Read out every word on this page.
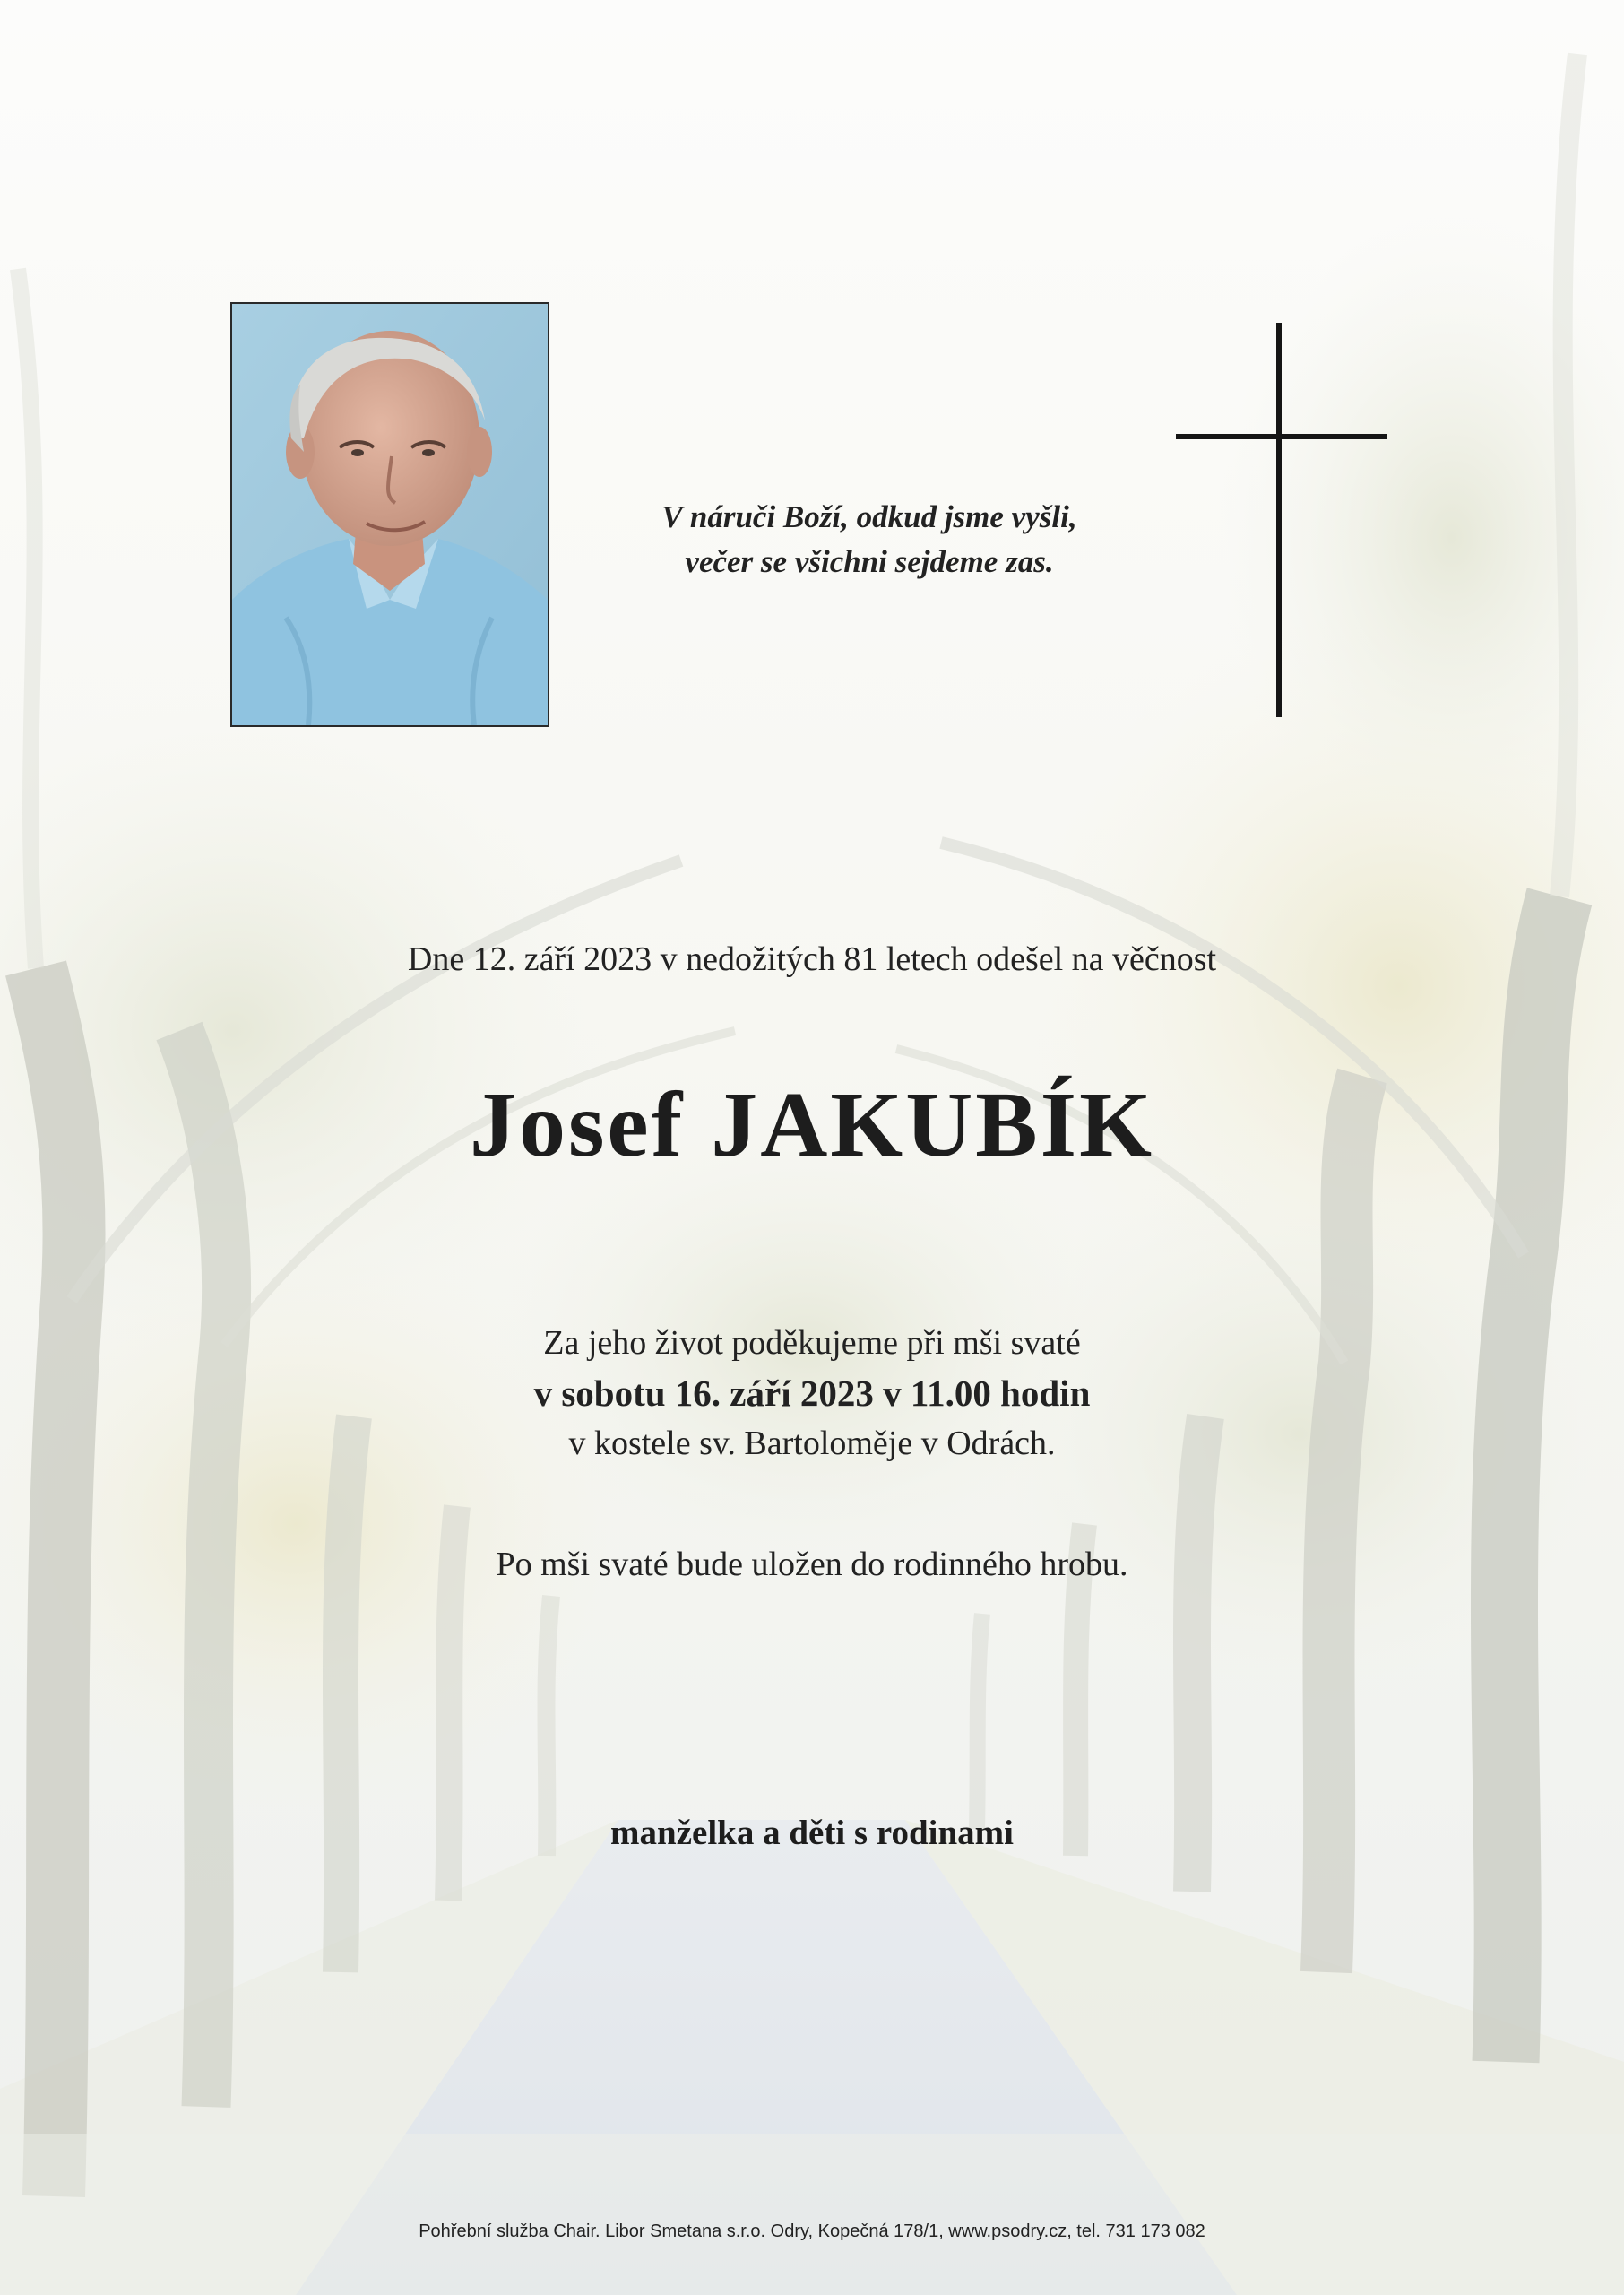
V náruči Boží, odkud jsme vyšli,
večer se všichni sejdeme zas.
Dne 12. září 2023 v nedožitých 81 letech odešel na věčnost
Josef JAKUBÍK
Za jeho život poděkujeme při mši svaté
v sobotu 16. září 2023 v 11.00 hodin
v kostele sv. Bartoloměje v Odrách.
Po mši svaté bude uložen do rodinného hrobu.
manželka a děti s rodinami
Pohřební služba Chair. Libor Smetana s.r.o. Odry, Kopečná 178/1, www.psodry.cz, tel. 731 173 082
